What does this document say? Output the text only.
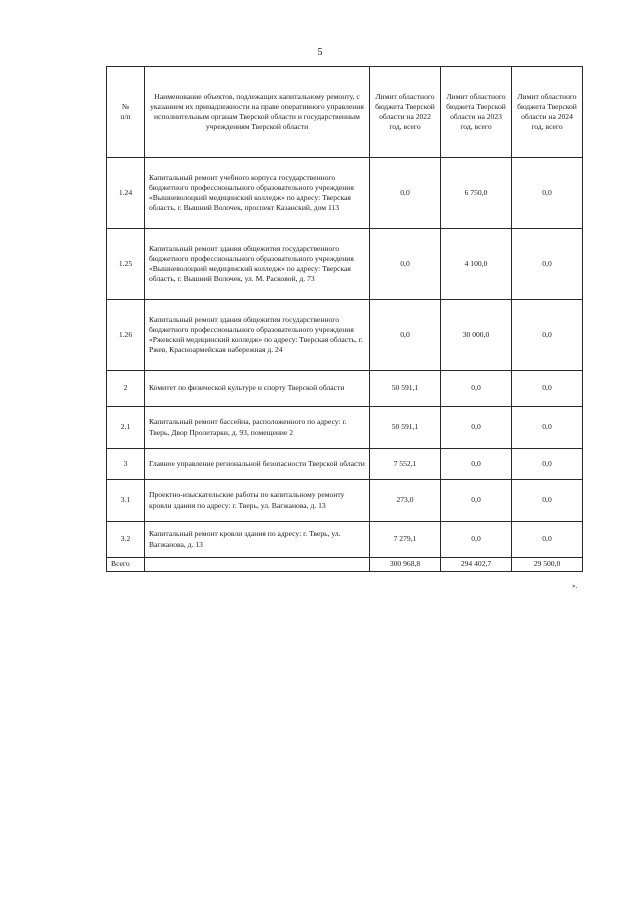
5
№
п/п	Наименование объектов, подлежащих капитальному ремонту, с указанием их принадлежности на праве оперативного управления исполнительным органам Тверской области и государственным учреждениям Тверской области	Лимит областного бюджета Тверской области на 2022 год, всего	Лимит областного бюджета Тверской области на 2023 год, всего	Лимит областного бюджета Тверской области на 2024 год, всего
1.24	Капитальный ремонт учебного корпуса государственного бюджетного профессионального образовательного учреждения «Вышневолоцкий медицинский колледж» по адресу: Тверская область, г. Вышний Волочек, проспект Казанский, дом 113	0,0	6 750,0	0,0
1.25	Капитальный ремонт здания общежития государственного бюджетного профессионального образовательного учреждения «Вышневолоцкий медицинский колледж» по адресу: Тверская область, г. Вышний Волочек, ул. М. Расковой, д. 73	0,0	4 100,0	0,0
1.26	Капитальный ремонт здания общежития государственного бюджетного профессионального образовательного учреждения «Ржевский медицинский колледж» по адресу: Тверская область, г. Ржев, Красноармейская набережная д. 24	0,0	30 000,0	0,0
2	Комитет по физической культуре и спорту Тверской области	50 591,1	0,0	0,0
2.1	Капитальный ремонт бассейна, расположенного по адресу: г. Тверь, Двор Пролетарки, д. 93, помещение 2	50 591,1	0,0	0,0
3	Главное управление региональной безопасности Тверской области	7 552,1	0,0	0,0
3.1	Проектно-изыскательские работы по капитальному ремонту кровли здания по адресу: г. Тверь, ул. Вагжанова, д. 13	273,0	0,0	0,0
3.2	Капитальный ремонт кровли здания по адресу: г. Тверь, ул. Вагжанова, д. 13	7 279,1	0,0	0,0
Всего		300 968,8	294 402,7	29 500,0
».
